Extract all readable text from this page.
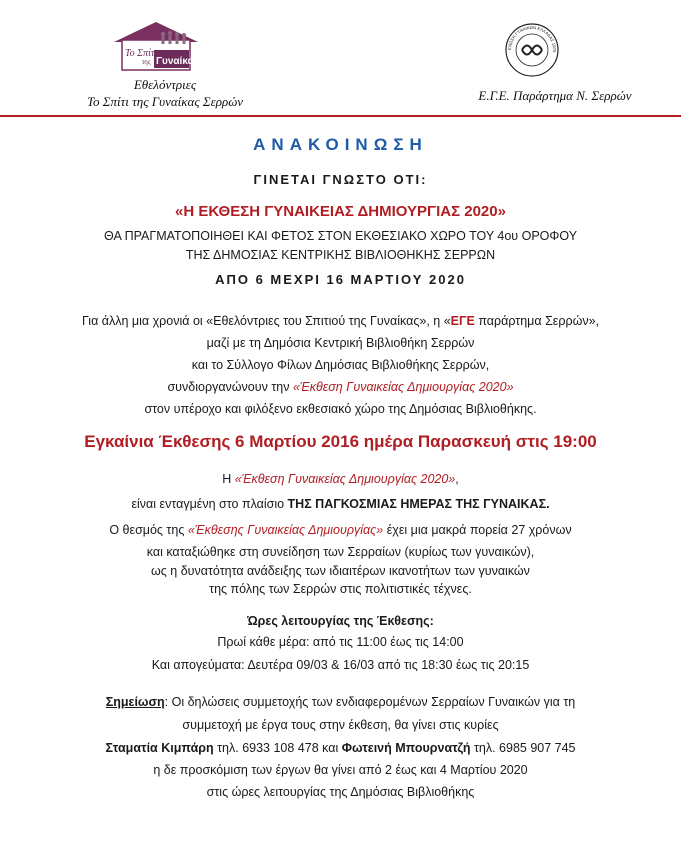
Το Σπίτι
της Γυναίκας
Εθελόντριες
Το Σπίτι της Γυναίκας Σερρών
ΕΝΩΣΗ ΓΥΝΑΙΚΩΝ ΕΛΛΑΔΑΣ 1976
Ε.Γ.Ε. Παράρτημα Ν. Σερρών
ΑΝΑΚΟΙΝΩΣΗ
ΓΙΝΕΤΑΙ ΓΝΩΣΤΟ ΟΤΙ:
«Η ΕΚΘΕΣΗ ΓΥΝΑΙΚΕΙΑΣ ΔΗΜΙΟΥΡΓΙΑΣ 2020»
ΘΑ ΠΡΑΓΜΑΤΟΠΟΙΗΘΕΙ ΚΑΙ ΦΕΤΟΣ ΣΤΟΝ ΕΚΘΕΣΙΑΚΟ ΧΩΡΟ ΤΟΥ 4ου ΟΡΟΦΟΥ
ΤΗΣ ΔΗΜΟΣΙΑΣ ΚΕΝΤΡΙΚΗΣ ΒΙΒΛΙΟΘΗΚΗΣ ΣΕΡΡΩΝ
ΑΠΟ 6 ΜΕΧΡΙ 16 ΜΑΡΤΙΟΥ 2020
Για άλλη μια χρονιά οι «Εθελόντριες του Σπιτιού της Γυναίκας», η «ΕΓΕ παράρτημα Σερρών»,
μαζί με τη Δημόσια Κεντρική Βιβλιοθήκη Σερρών
και το Σύλλογο Φίλων Δημόσιας Βιβλιοθήκης Σερρών,
συνδιοργανώνουν την «Έκθεση Γυναικείας Δημιουργίας 2020»
στον υπέροχο και φιλόξενο εκθεσιακό χώρο της Δημόσιας Βιβλιοθήκης.
Εγκαίνια Έκθεσης 6 Μαρτίου 2016 ημέρα Παρασκευή στις 19:00
Η «Έκθεση Γυναικείας Δημιουργίας 2020»,
είναι ενταγμένη στο πλαίσιο ΤΗΣ ΠΑΓΚΟΣΜΙΑΣ ΗΜΕΡΑΣ ΤΗΣ ΓΥΝΑΙΚΑΣ.
Ο θεσμός της «Έκθεσης Γυναικείας Δημιουργίας» έχει μια μακρά πορεία 27 χρόνων
και καταξιώθηκε στη συνείδηση των Σερραίων (κυρίως των γυναικών),
ως η δυνατότητα ανάδειξης των ιδιαιτέρων ικανοτήτων των γυναικών
της πόλης των Σερρών στις πολιτιστικές τέχνες.
Ώρες λειτουργίας της Έκθεσης:
Πρωί κάθε μέρα: από τις 11:00 έως τις 14:00
Και απογεύματα: Δευτέρα 09/03 & 16/03 από τις 18:30 έως τις 20:15
Σημείωση: Οι δηλώσεις συμμετοχής των ενδιαφερομένων Σερραίων Γυναικών για τη
συμμετοχή με έργα τους στην έκθεση, θα γίνει στις κυρίες
Σταματία Κιμπάρη τηλ. 6933 108 478 και Φωτεινή Μπουρνατζή τηλ. 6985 907 745
η δε προσκόμιση των έργων θα γίνει από 2 έως και 4 Μαρτίου 2020
στις ώρες λειτουργίας της Δημόσιας Βιβλιοθήκης
